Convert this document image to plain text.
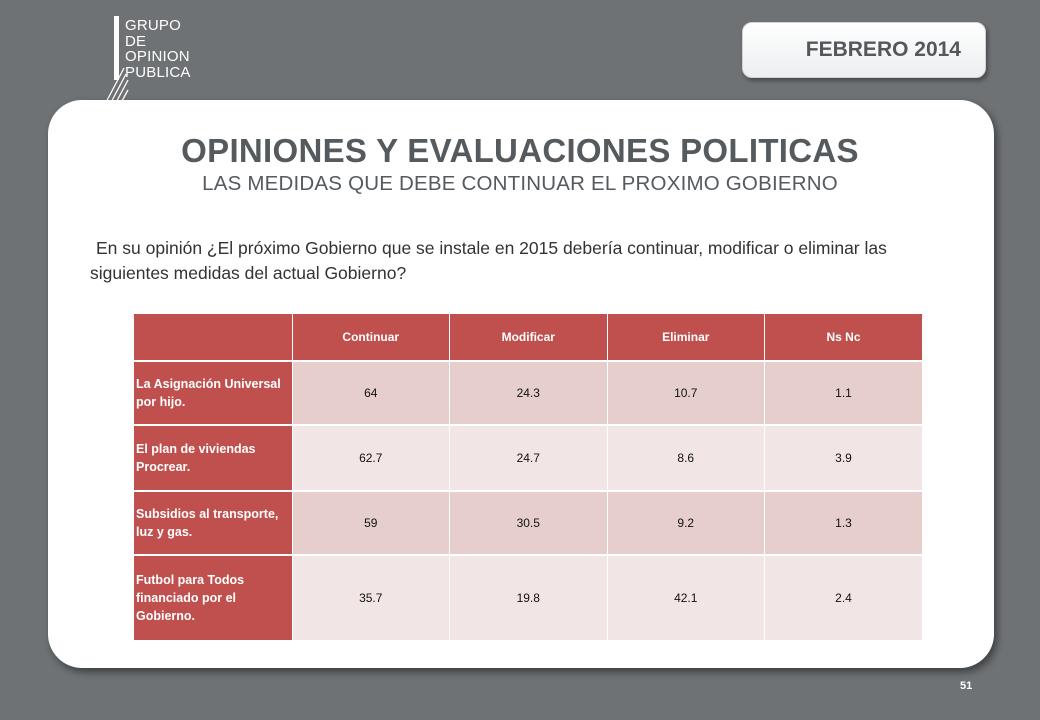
GRUPO
DE
OPINION
PUBLICA
FEBRERO 2014
OPINIONES Y EVALUACIONES POLITICAS
LAS MEDIDAS QUE DEBE CONTINUAR EL PROXIMO GOBIERNO
En su opinión ¿El próximo Gobierno que se instale en 2015 debería continuar, modificar o eliminar las siguientes medidas del actual Gobierno?
	Continuar	Modificar	Eliminar	Ns Nc
La Asignación Universal por hijo.	64	24.3	10.7	1.1
El plan de viviendas Procrear.	62.7	24.7	8.6	3.9
Subsidios al transporte, luz y gas.	59	30.5	9.2	1.3
Futbol para Todos financiado por el Gobierno.	35.7	19.8	42.1	2.4
51
